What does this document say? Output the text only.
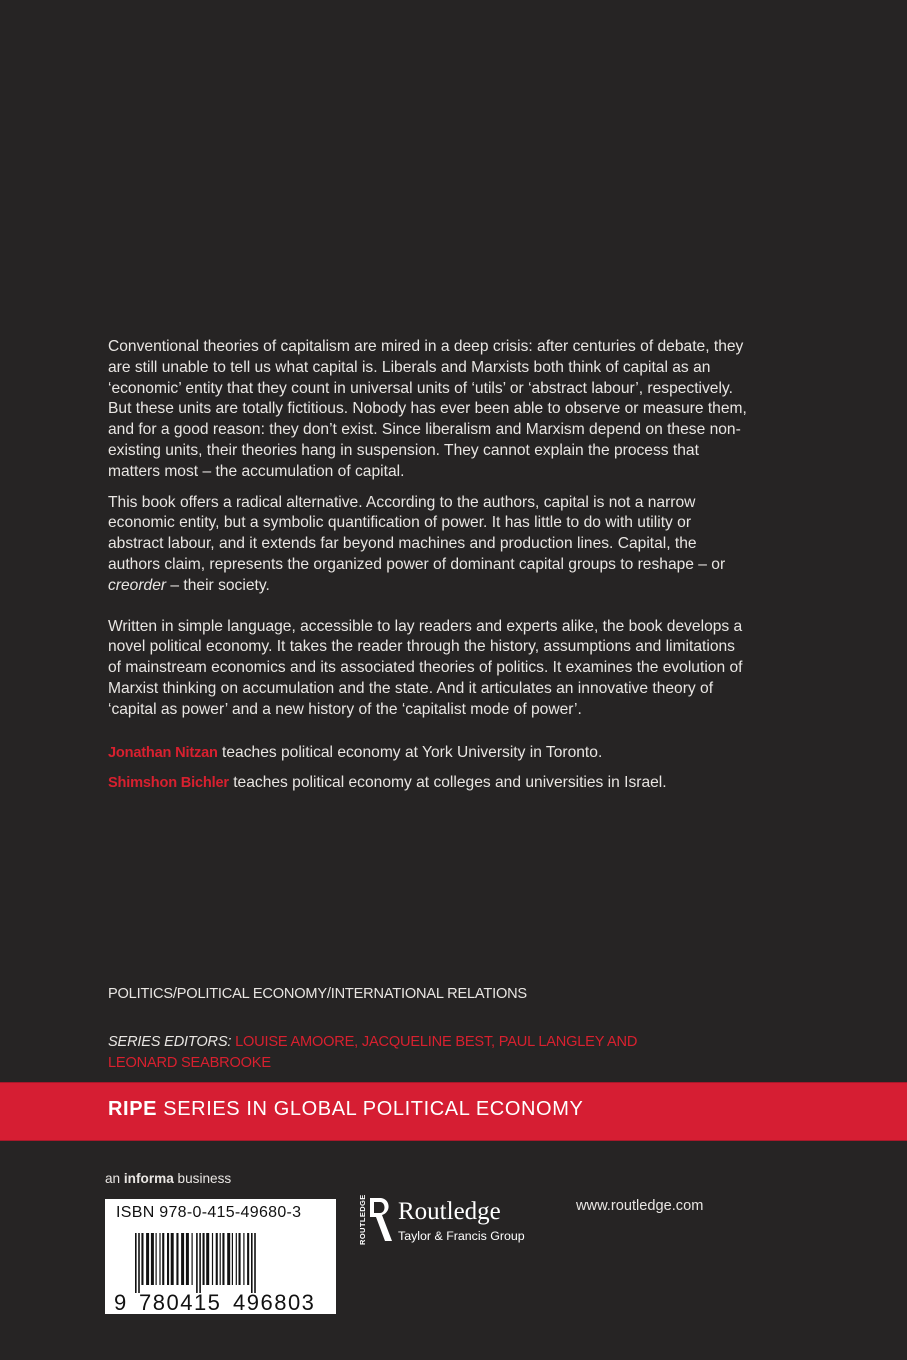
Conventional theories of capitalism are mired in a deep crisis: after centuries of debate, they are still unable to tell us what capital is. Liberals and Marxists both think of capital as an ‘economic’ entity that they count in universal units of ‘utils’ or ‘abstract labour’, respectively. But these units are totally fictitious. Nobody has ever been able to observe or measure them, and for a good reason: they don’t exist. Since liberalism and Marxism depend on these non-existing units, their theories hang in suspension. They cannot explain the process that matters most – the accumulation of capital.

This book offers a radical alternative. According to the authors, capital is not a narrow economic entity, but a symbolic quantification of power. It has little to do with utility or abstract labour, and it extends far beyond machines and production lines. Capital, the authors claim, represents the organized power of dominant capital groups to reshape – or creorder – their society.

Written in simple language, accessible to lay readers and experts alike, the book develops a novel political economy. It takes the reader through the history, assumptions and limitations of mainstream economics and its associated theories of politics. It examines the evolution of Marxist thinking on accumulation and the state. And it articulates an innovative theory of ‘capital as power’ and a new history of the ‘capitalist mode of power’.

Jonathan Nitzan teaches political economy at York University in Toronto.

Shimshon Bichler teaches political economy at colleges and universities in Israel.

POLITICS/POLITICAL ECONOMY/INTERNATIONAL RELATIONS
SERIES EDITORS: LOUISE AMOORE, JACQUELINE BEST, PAUL LANGLEY AND LEONARD SEABROOKE
RIPE SERIES IN GLOBAL POLITICAL ECONOMY
an informa business
ISBN 978-0-415-49680-3
9 780415 496803
ROUTLEDGE Routledge
Taylor & Francis Group
www.routledge.com
